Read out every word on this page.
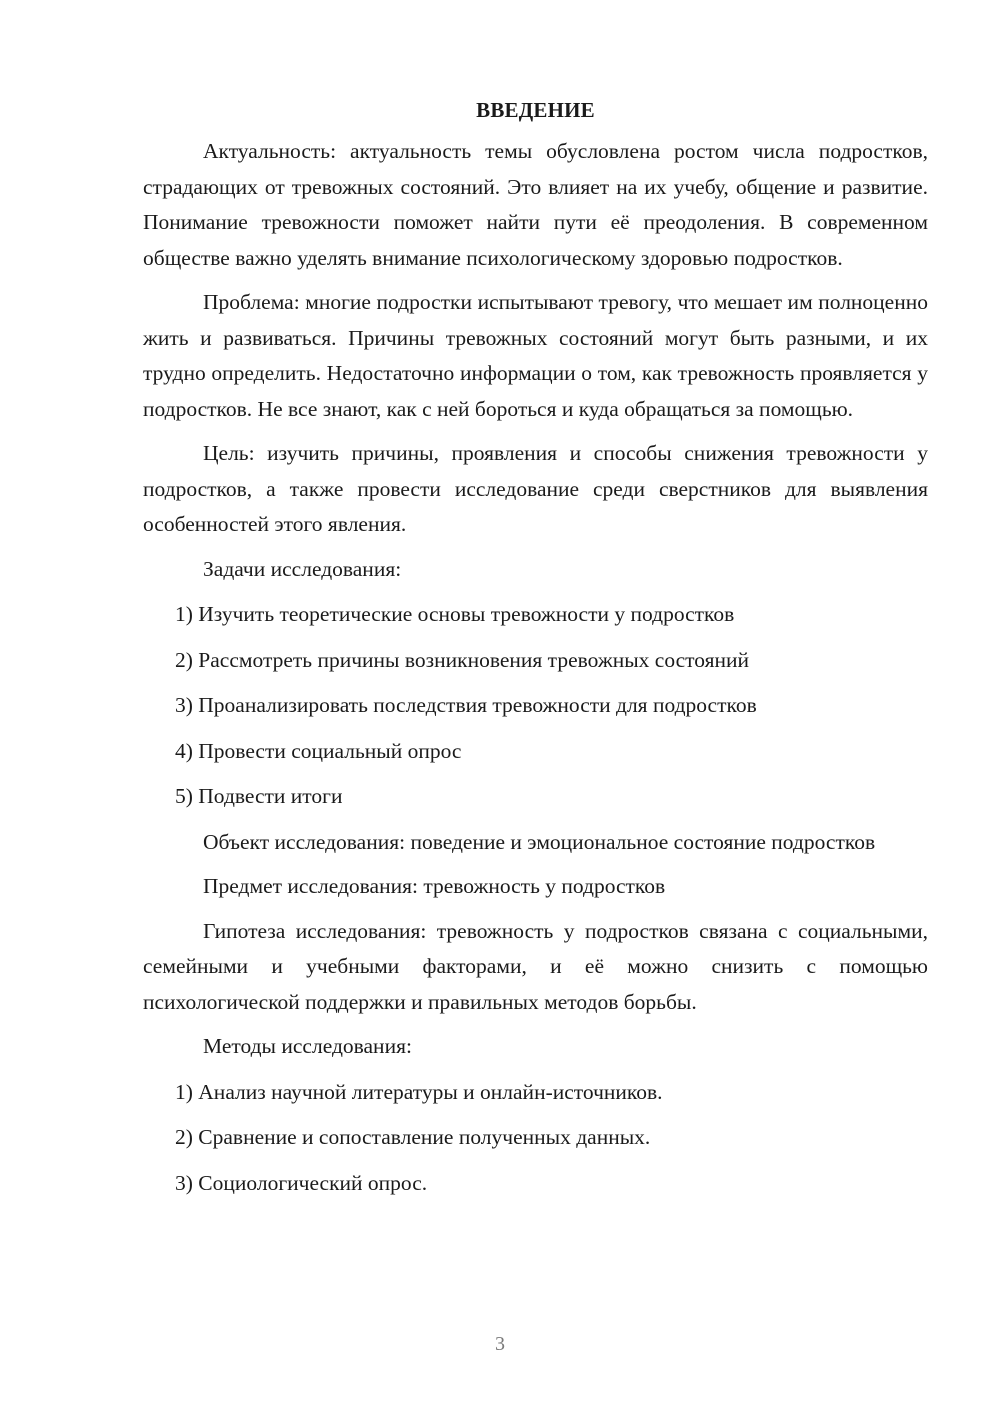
ВВЕДЕНИЕ

Актуальность: актуальность темы обусловлена ростом числа подростков, страдающих от тревожных состояний. Это влияет на их учебу, общение и развитие. Понимание тревожности поможет найти пути её преодоления. В современном обществе важно уделять внимание психологическому здоровью подростков.

Проблема: многие подростки испытывают тревогу, что мешает им полноценно жить и развиваться. Причины тревожных состояний могут быть разными, и их трудно определить. Недостаточно информации о том, как тревожность проявляется у подростков. Не все знают, как с ней бороться и куда обращаться за помощью.

Цель: изучить причины, проявления и способы снижения тревожности у подростков, а также провести исследование среди сверстников для выявления особенностей этого явления.

Задачи исследования:

1) Изучить теоретические основы тревожности у подростков
2) Рассмотреть причины возникновения тревожных состояний
3) Проанализировать последствия тревожности для подростков
4) Провести социальный опрос
5) Подвести итоги

Объект исследования: поведение и эмоциональное состояние подростков

Предмет исследования: тревожность у подростков

Гипотеза исследования: тревожность у подростков связана с социальными, семейными и учебными факторами, и её можно снизить с помощью психологической поддержки и правильных методов борьбы.

Методы исследования:

1) Анализ научной литературы и онлайн-источников.
2) Сравнение и сопоставление полученных данных.
3) Социологический опрос.
3
